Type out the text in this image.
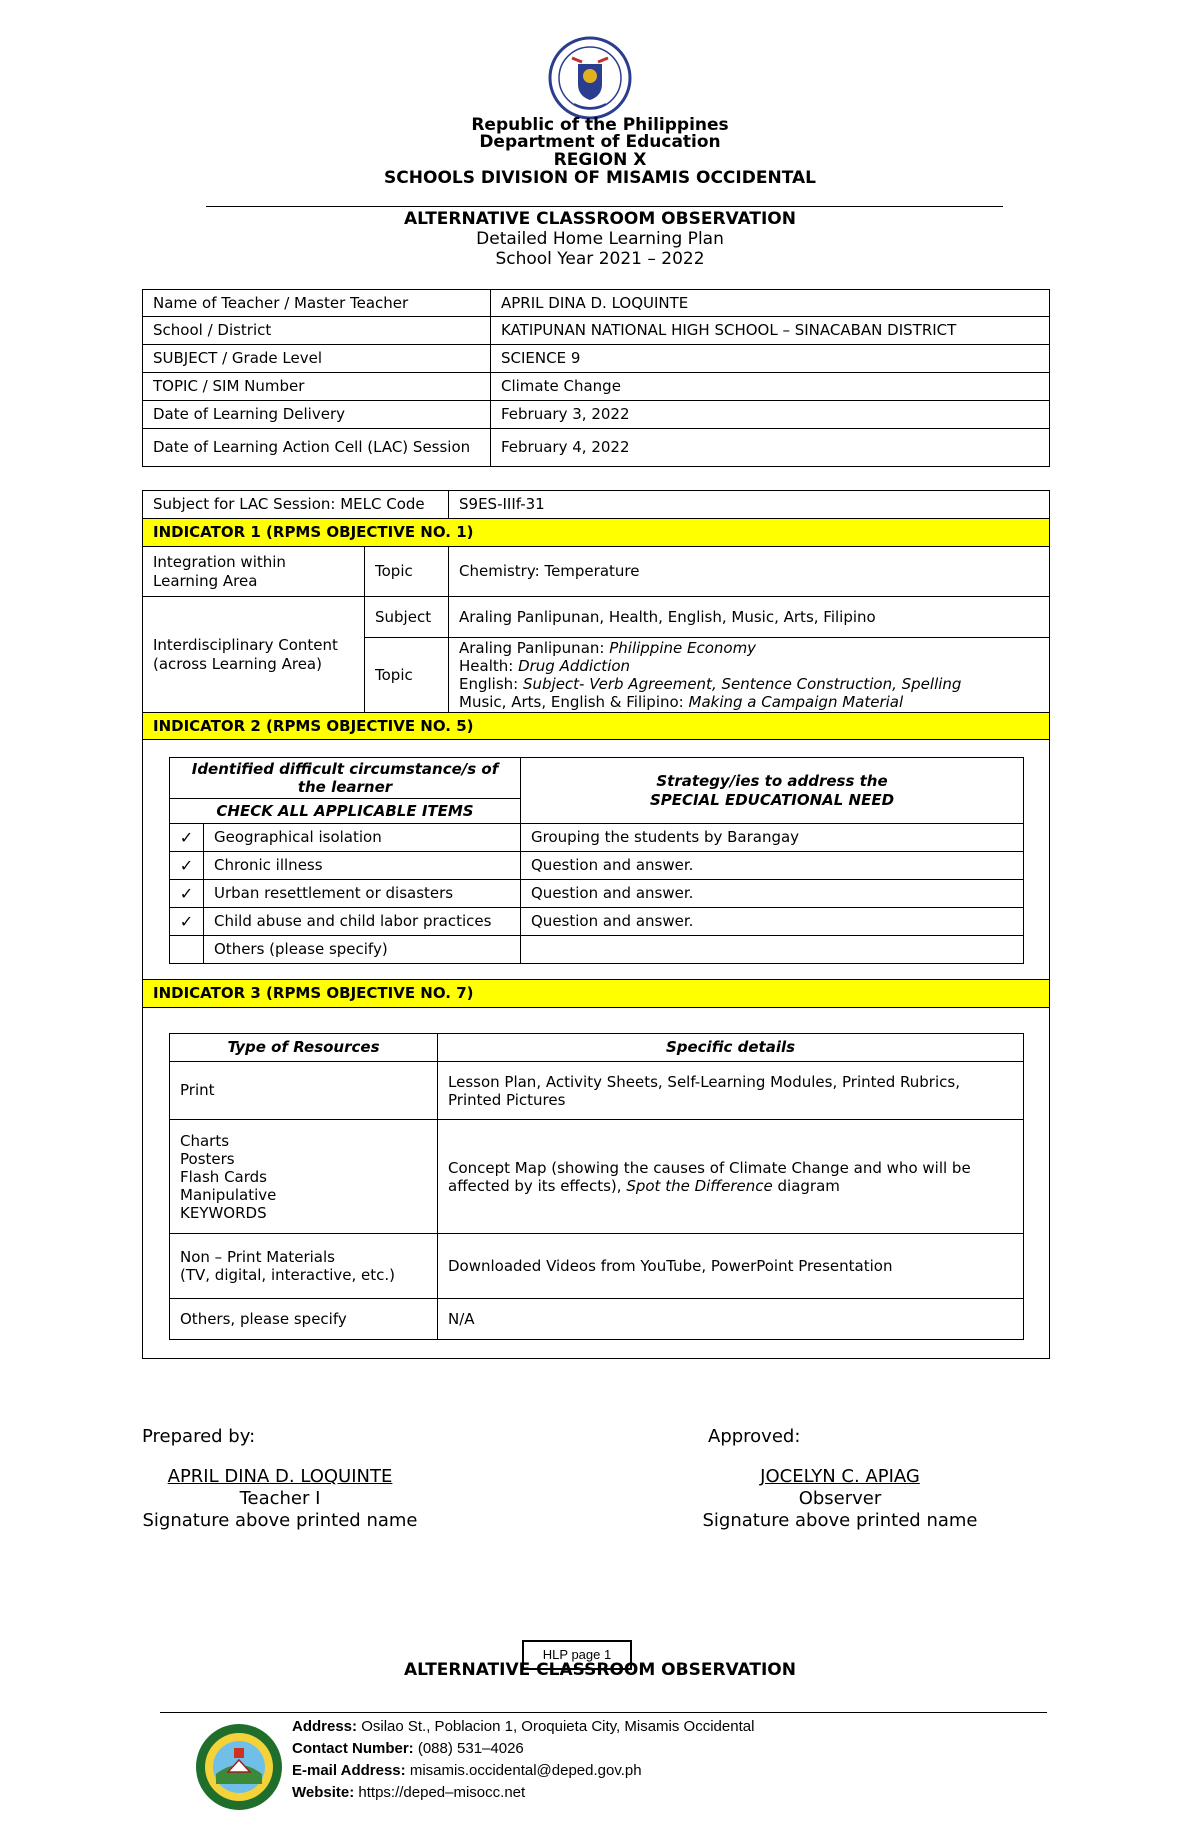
Republic of the Philippines
Department of Education
REGION X
SCHOOLS DIVISION OF MISAMIS OCCIDENTAL
ALTERNATIVE CLASSROOM OBSERVATION
Detailed Home Learning Plan
School Year 2021 – 2022
Name of Teacher / Master Teacher	APRIL DINA D. LOQUINTE
School / District	KATIPUNAN NATIONAL HIGH SCHOOL – SINACABAN DISTRICT
SUBJECT / Grade Level	SCIENCE 9
TOPIC / SIM Number	Climate Change
Date of Learning Delivery	February 3, 2022
Date of Learning Action Cell (LAC) Session	February 4, 2022
Subject for LAC Session: MELC Code	S9ES-IIIf-31
INDICATOR 1 (RPMS OBJECTIVE NO. 1)
Integration within Learning Area	Topic	Chemistry: Temperature
Interdisciplinary Content (across Learning Area)	Subject	Araling Panlipunan, Health, English, Music, Arts, Filipino
Topic	
Araling Panlipunan: Philippine Economy
Health: Drug Addiction
English: Subject- Verb Agreement, Sentence Construction, Spelling
Music, Arts, English & Filipino: Making a Campaign Material

INDICATOR 2 (RPMS OBJECTIVE NO. 5)

Identified difficult circumstance/s of the learner	Strategy/ies to address the
SPECIAL EDUCATIONAL NEED

CHECK ALL APPLICABLE ITEMS
✓	Geographical isolation	Grouping the students by Barangay
✓	Chronic illness	Question and answer.
✓	Urban resettlement or disasters	Question and answer.
✓	Child abuse and child labor practices	Question and answer.
	Others (please specify)	

INDICATOR 3 (RPMS OBJECTIVE NO. 7)

Type of Resources	Specific details
Print	Lesson Plan, Activity Sheets, Self-Learning Modules, Printed Rubrics, Printed Pictures

Charts
Posters
Flash Cards
Manipulative
KEYWORDS
	Concept Map (showing the causes of Climate Change and who will be affected by its effects), Spot the Difference diagram

Non – Print Materials
(TV, digital, interactive, etc.)
	Downloaded Videos from YouTube, PowerPoint Presentation
Others, please specify	N/A
Prepared by:	Approved:
APRIL DINA D. LOQUINTE
Teacher I
Signature above printed name
JOCELYN C. APIAG
Observer
Signature above printed name
ALTERNATIVE CLASSROOM OBSERVATION
HLP page 1
Address: Osilao St., Poblacion 1, Oroquieta City, Misamis Occidental
Contact Number: (088) 531–4026
E-mail Address: misamis.occidental@deped.gov.ph
Website: https://deped–misocc.net
